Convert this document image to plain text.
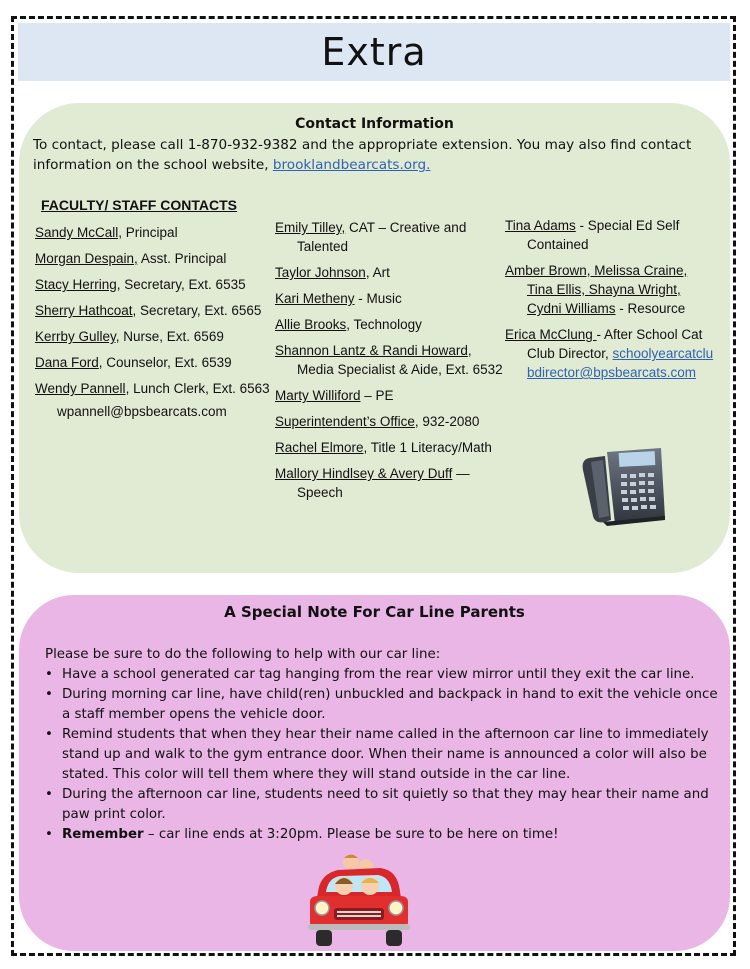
Extra
Contact Information
To contact, please call 1-870-932-9382 and the appropriate extension. You may also find contact information on the school website, brooklandbearcats.org.
FACULTY/ STAFF CONTACTS
Sandy McCall, Principal
Morgan Despain, Asst. Principal
Stacy Herring, Secretary, Ext. 6535
Sherry Hathcoat, Secretary, Ext. 6565
Kerrby Gulley, Nurse, Ext. 6569
Dana Ford, Counselor, Ext. 6539
Wendy Pannell, Lunch Clerk, Ext. 6563
wpannell@bpsbearcats.com
Emily Tilley, CAT – Creative and Talented
Taylor Johnson, Art
Kari Metheny - Music
Allie Brooks, Technology
Shannon Lantz & Randi Howard, Media Specialist & Aide, Ext. 6532
Marty Williford – PE
Superintendent’s Office, 932-2080
Rachel Elmore, Title 1 Literacy/Math
Mallory Hindlsey & Avery Duff — Speech
Tina Adams - Special Ed Self Contained
Amber Brown, Melissa Craine, Tina Ellis, Shayna Wright, Cydni Williams - Resource
Erica McClung - After School Cat Club Director, schoolyearcatclubdirector@bpsbearcats.com
A Special Note For Car Line Parents
Please be sure to do the following to help with our car line:
• Have a school generated car tag hanging from the rear view mirror until they exit the car line.
• During morning car line, have child(ren) unbuckled and backpack in hand to exit the vehicle once a staff member opens the vehicle door.
• Remind students that when they hear their name called in the afternoon car line to immediately stand up and walk to the gym entrance door. When their name is announced a color will also be stated. This color will tell them where they will stand outside in the car line.
• During the afternoon car line, students need to sit quietly so that they may hear their name and paw print color.
• Remember – car line ends at 3:20pm. Please be sure to be here on time!
